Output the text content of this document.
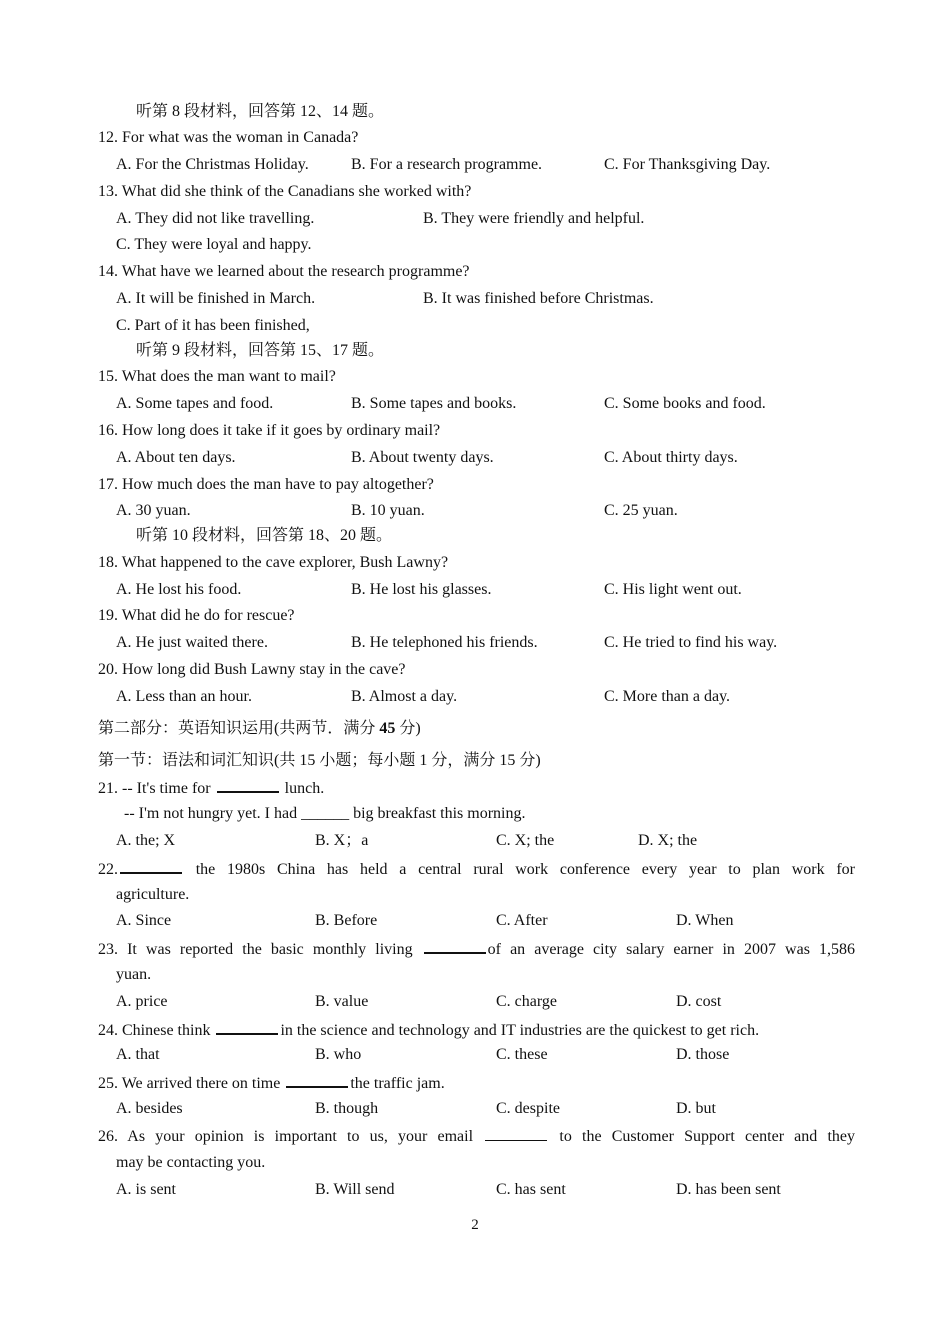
听第 8 段材料，回答第 12、14 题。
12. For what was the woman in Canada?
A. For the Christmas Holiday.	B. For a research programme.	C. For Thanksgiving Day.
13. What did she think of the Canadians she worked with?
A. They did not like travelling.	B. They were friendly and helpful.
C. They were loyal and happy.
14. What have we learned about the research programme?
A. It will be finished in March.	B. It was finished before Christmas.
C. Part of it has been finished,
听第 9 段材料，回答第 15、17 题。
15. What does the man want to mail?
A. Some tapes and food.	B. Some tapes and books.	C. Some books and food.
16. How long does it take if it goes by ordinary mail?
A. About ten days.	B. About twenty days.	C. About thirty days.
17. How much does the man have to pay altogether?
A. 30 yuan.	B. 10 yuan.	C. 25 yuan.
听第 10 段材料，回答第 18、20 题。
18. What happened to the cave explorer, Bush Lawny?
A. He lost his food.	B. He lost his glasses.	C. His light went out.
19. What did he do for rescue?
A. He just waited there.	B. He telephoned his friends.	C. He tried to find his way.
20. How long did Bush Lawny stay in the cave?
A. Less than an hour.	B. Almost a day.	C. More than a day.
第二部分：英语知识运用(共两节．满分 45 分)
第一节：语法和词汇知识(共 15 小题；每小题 1 分，满分 15 分)
21. -- It's time for	lunch.
-- I'm not hungry yet. I had ______ big breakfast this morning.
A. the; X	B. X；a	C. X; the	D. X; the
22.	the 1980s China has held a central rural work conference every year to plan work for
agriculture.
A. Since	B. Before	C. After	D. When
23. It was reported the basic monthly living	of an average city salary earner in 2007 was 1,586
yuan.
A. price	B. value	C. charge	D. cost
24. Chinese think	in the science and technology and IT industries are the quickest to get rich.
A. that	B. who	C. these	D. those
25. We arrived there on time	the traffic jam.
A. besides	B. though	C. despite	D. but
26. As your opinion is important to us, your email	to the Customer Support center and they
may be contacting you.
A. is sent	B. Will send	C. has sent	D. has been sent
2
